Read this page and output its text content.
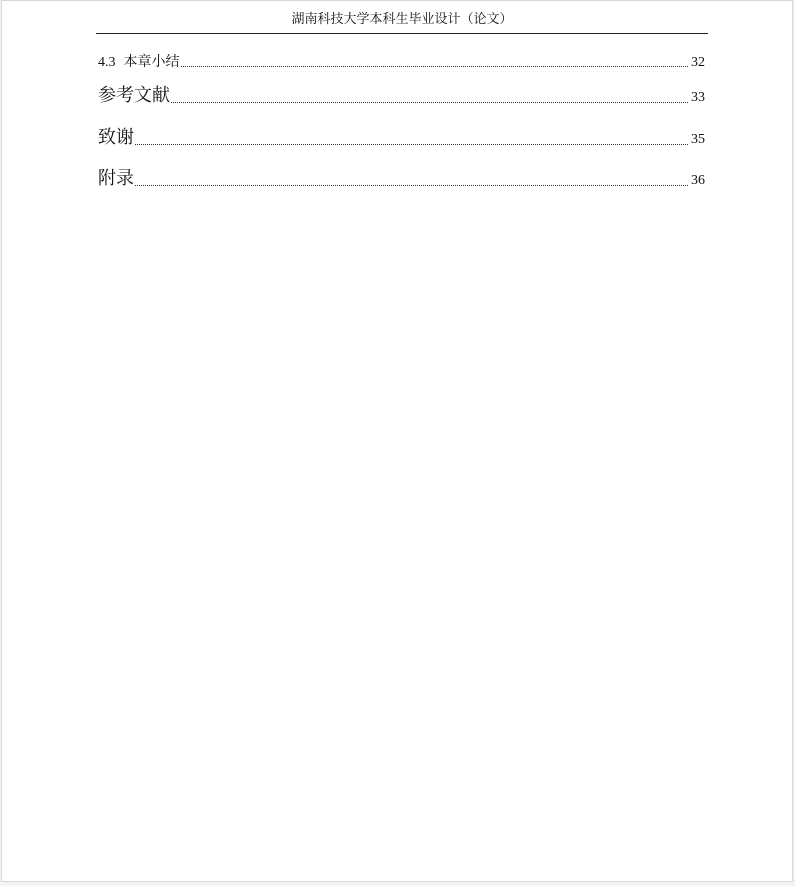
湖南科技大学本科生毕业设计（论文）
4.3 本章小结	32
参考文献	33
致谢	35
附录	36
